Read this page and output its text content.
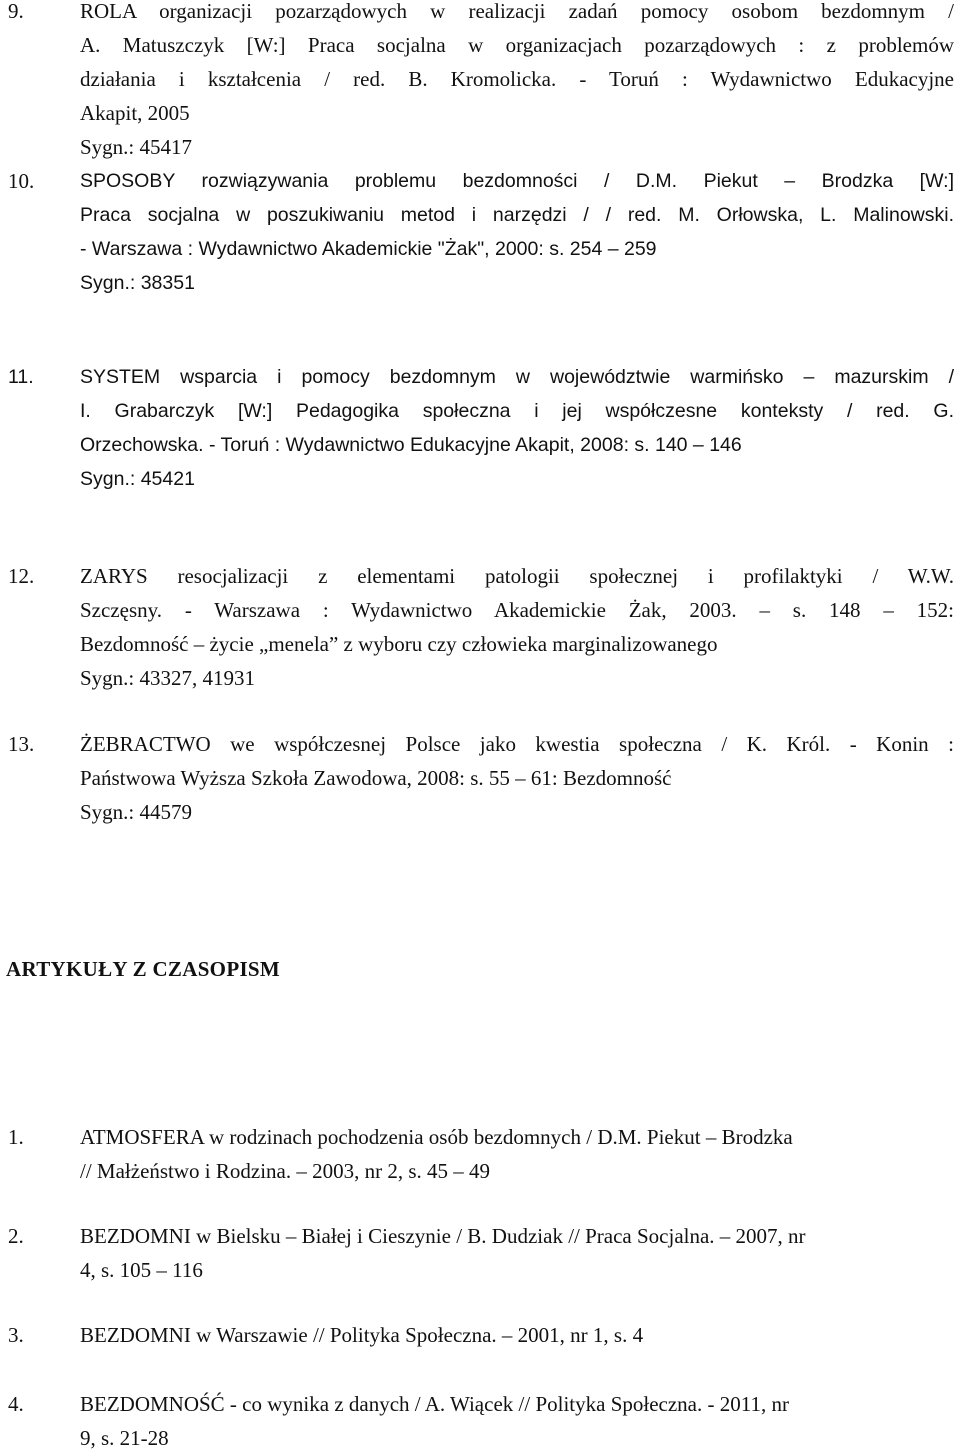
9.	ROLA organizacji pozarządowych w realizacji zadań pomocy osobom bezdomnym /
A. Matuszczyk [W:] Praca socjalna w organizacjach pozarządowych : z problemów
działania i kształcenia / red. B. Kromolicka. - Toruń : Wydawnictwo Edukacyjne
Akapit, 2005
Sygn.: 45417
10. SPOSOBY rozwiązywania problemu bezdomności / D.M. Piekut – Brodzka [W:]
Praca socjalna w poszukiwaniu metod i narzędzi / / red. M. Orłowska, L. Malinowski.
- Warszawa : Wydawnictwo Akademickie "Żak", 2000: s. 254 – 259
Sygn.: 38351
11. SYSTEM wsparcia i pomocy bezdomnym w województwie warmińsko – mazurskim /
I. Grabarczyk [W:] Pedagogika społeczna i jej współczesne konteksty / red. G.
Orzechowska. - Toruń : Wydawnictwo Edukacyjne Akapit, 2008: s. 140 – 146
Sygn.: 45421
12. ZARYS resocjalizacji z elementami patologii społecznej i profilaktyki / W.W.
Szczęsny. - Warszawa : Wydawnictwo Akademickie Żak, 2003. – s. 148 – 152:
Bezdomność – życie „menela” z wyboru czy człowieka marginalizowanego
Sygn.: 43327, 41931
13. ŻEBRACTWO we współczesnej Polsce jako kwestia społeczna / K. Król. - Konin :
Państwowa Wyższa Szkoła Zawodowa, 2008: s. 55 – 61: Bezdomność
Sygn.: 44579
ARTYKUŁY Z CZASOPISM
1.	ATMOSFERA w rodzinach pochodzenia osób bezdomnych / D.M. Piekut – Brodzka
// Małżeństwo i Rodzina. – 2003, nr 2, s. 45 – 49
2.	BEZDOMNI w Bielsku – Białej i Cieszynie / B. Dudziak // Praca Socjalna. – 2007, nr
4, s. 105 – 116
3.	BEZDOMNI w Warszawie // Polityka Społeczna. – 2001, nr 1, s. 4
4.	BEZDOMNOŚĆ - co wynika z danych / A. Wiącek // Polityka Społeczna. - 2011, nr
9, s. 21-28
